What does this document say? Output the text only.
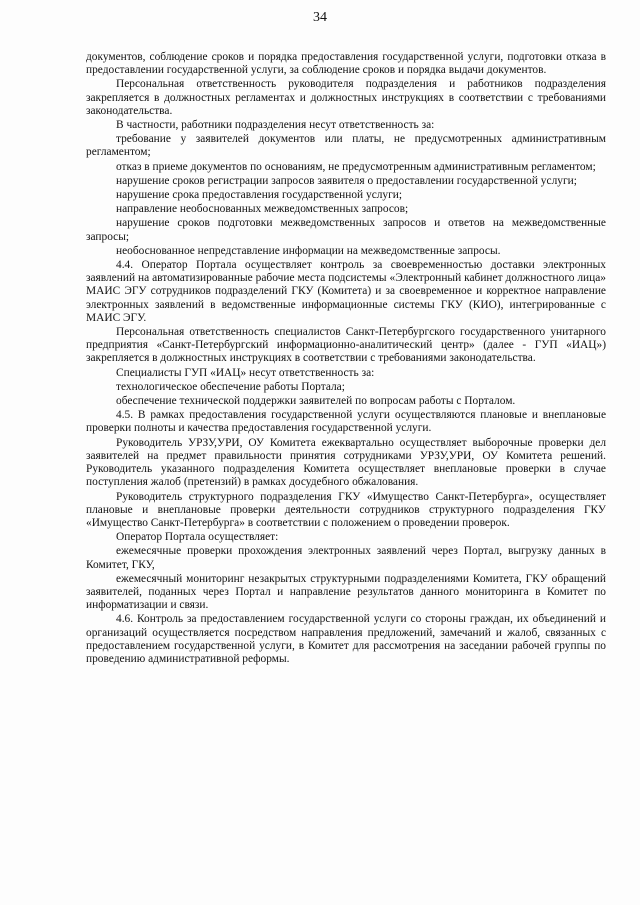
34

документов, соблюдение сроков и порядка предоставления государственной услуги, подготовки отказа в предоставлении государственной услуги, за соблюдение сроков и порядка выдачи документов.

Персональная ответственность руководителя подразделения и работников подразделения закрепляется в должностных регламентах и должностных инструкциях в соответствии с требованиями законодательства.

В частности, работники подразделения несут ответственность за:

требование у заявителей документов или платы, не предусмотренных административным регламентом;

отказ в приеме документов по основаниям, не предусмотренным административным регламентом;

нарушение сроков регистрации запросов заявителя о предоставлении государственной услуги;

нарушение срока предоставления государственной услуги;

направление необоснованных межведомственных запросов;

нарушение сроков подготовки межведомственных запросов и ответов на межведомственные запросы;

необоснованное непредставление информации на межведомственные запросы.

4.4. Оператор Портала осуществляет контроль за своевременностью доставки электронных заявлений на автоматизированные рабочие места подсистемы «Электронный кабинет должностного лица» МАИС ЭГУ сотрудников подразделений ГКУ (Комитета) и за своевременное и корректное направление электронных заявлений в ведомственные информационные системы ГКУ (КИО), интегрированные с МАИС ЭГУ.

Персональная ответственность специалистов Санкт-Петербургского государственного унитарного предприятия «Санкт-Петербургский информационно-аналитический центр» (далее - ГУП «ИАЦ») закрепляется в должностных инструкциях в соответствии с требованиями законодательства.

Специалисты ГУП «ИАЦ» несут ответственность за:

технологическое обеспечение работы Портала;

обеспечение технической поддержки заявителей по вопросам работы с Порталом.

4.5. В рамках предоставления государственной услуги осуществляются плановые и внеплановые проверки полноты и качества предоставления государственной услуги.

Руководитель УРЗУ,УРИ, ОУ Комитета ежеквартально осуществляет выборочные проверки дел заявителей на предмет правильности принятия сотрудниками УРЗУ,УРИ, ОУ Комитета решений. Руководитель указанного подразделения Комитета осуществляет внеплановые проверки в случае поступления жалоб (претензий) в рамках досудебного обжалования.

Руководитель структурного подразделения ГКУ «Имущество Санкт-Петербурга», осуществляет плановые и внеплановые проверки деятельности сотрудников структурного подразделения ГКУ «Имущество Санкт-Петербурга» в соответствии с положением о проведении проверок.

Оператор Портала осуществляет:

ежемесячные проверки прохождения электронных заявлений через Портал, выгрузку данных в Комитет, ГКУ,

ежемесячный мониторинг незакрытых структурными подразделениями Комитета, ГКУ обращений заявителей, поданных через Портал и направление результатов данного мониторинга в Комитет по информатизации и связи.

4.6. Контроль за предоставлением государственной услуги со стороны граждан, их объединений и организаций осуществляется посредством направления предложений, замечаний и жалоб, связанных с предоставлением государственной услуги, в Комитет для рассмотрения на заседании рабочей группы по проведению административной реформы.
